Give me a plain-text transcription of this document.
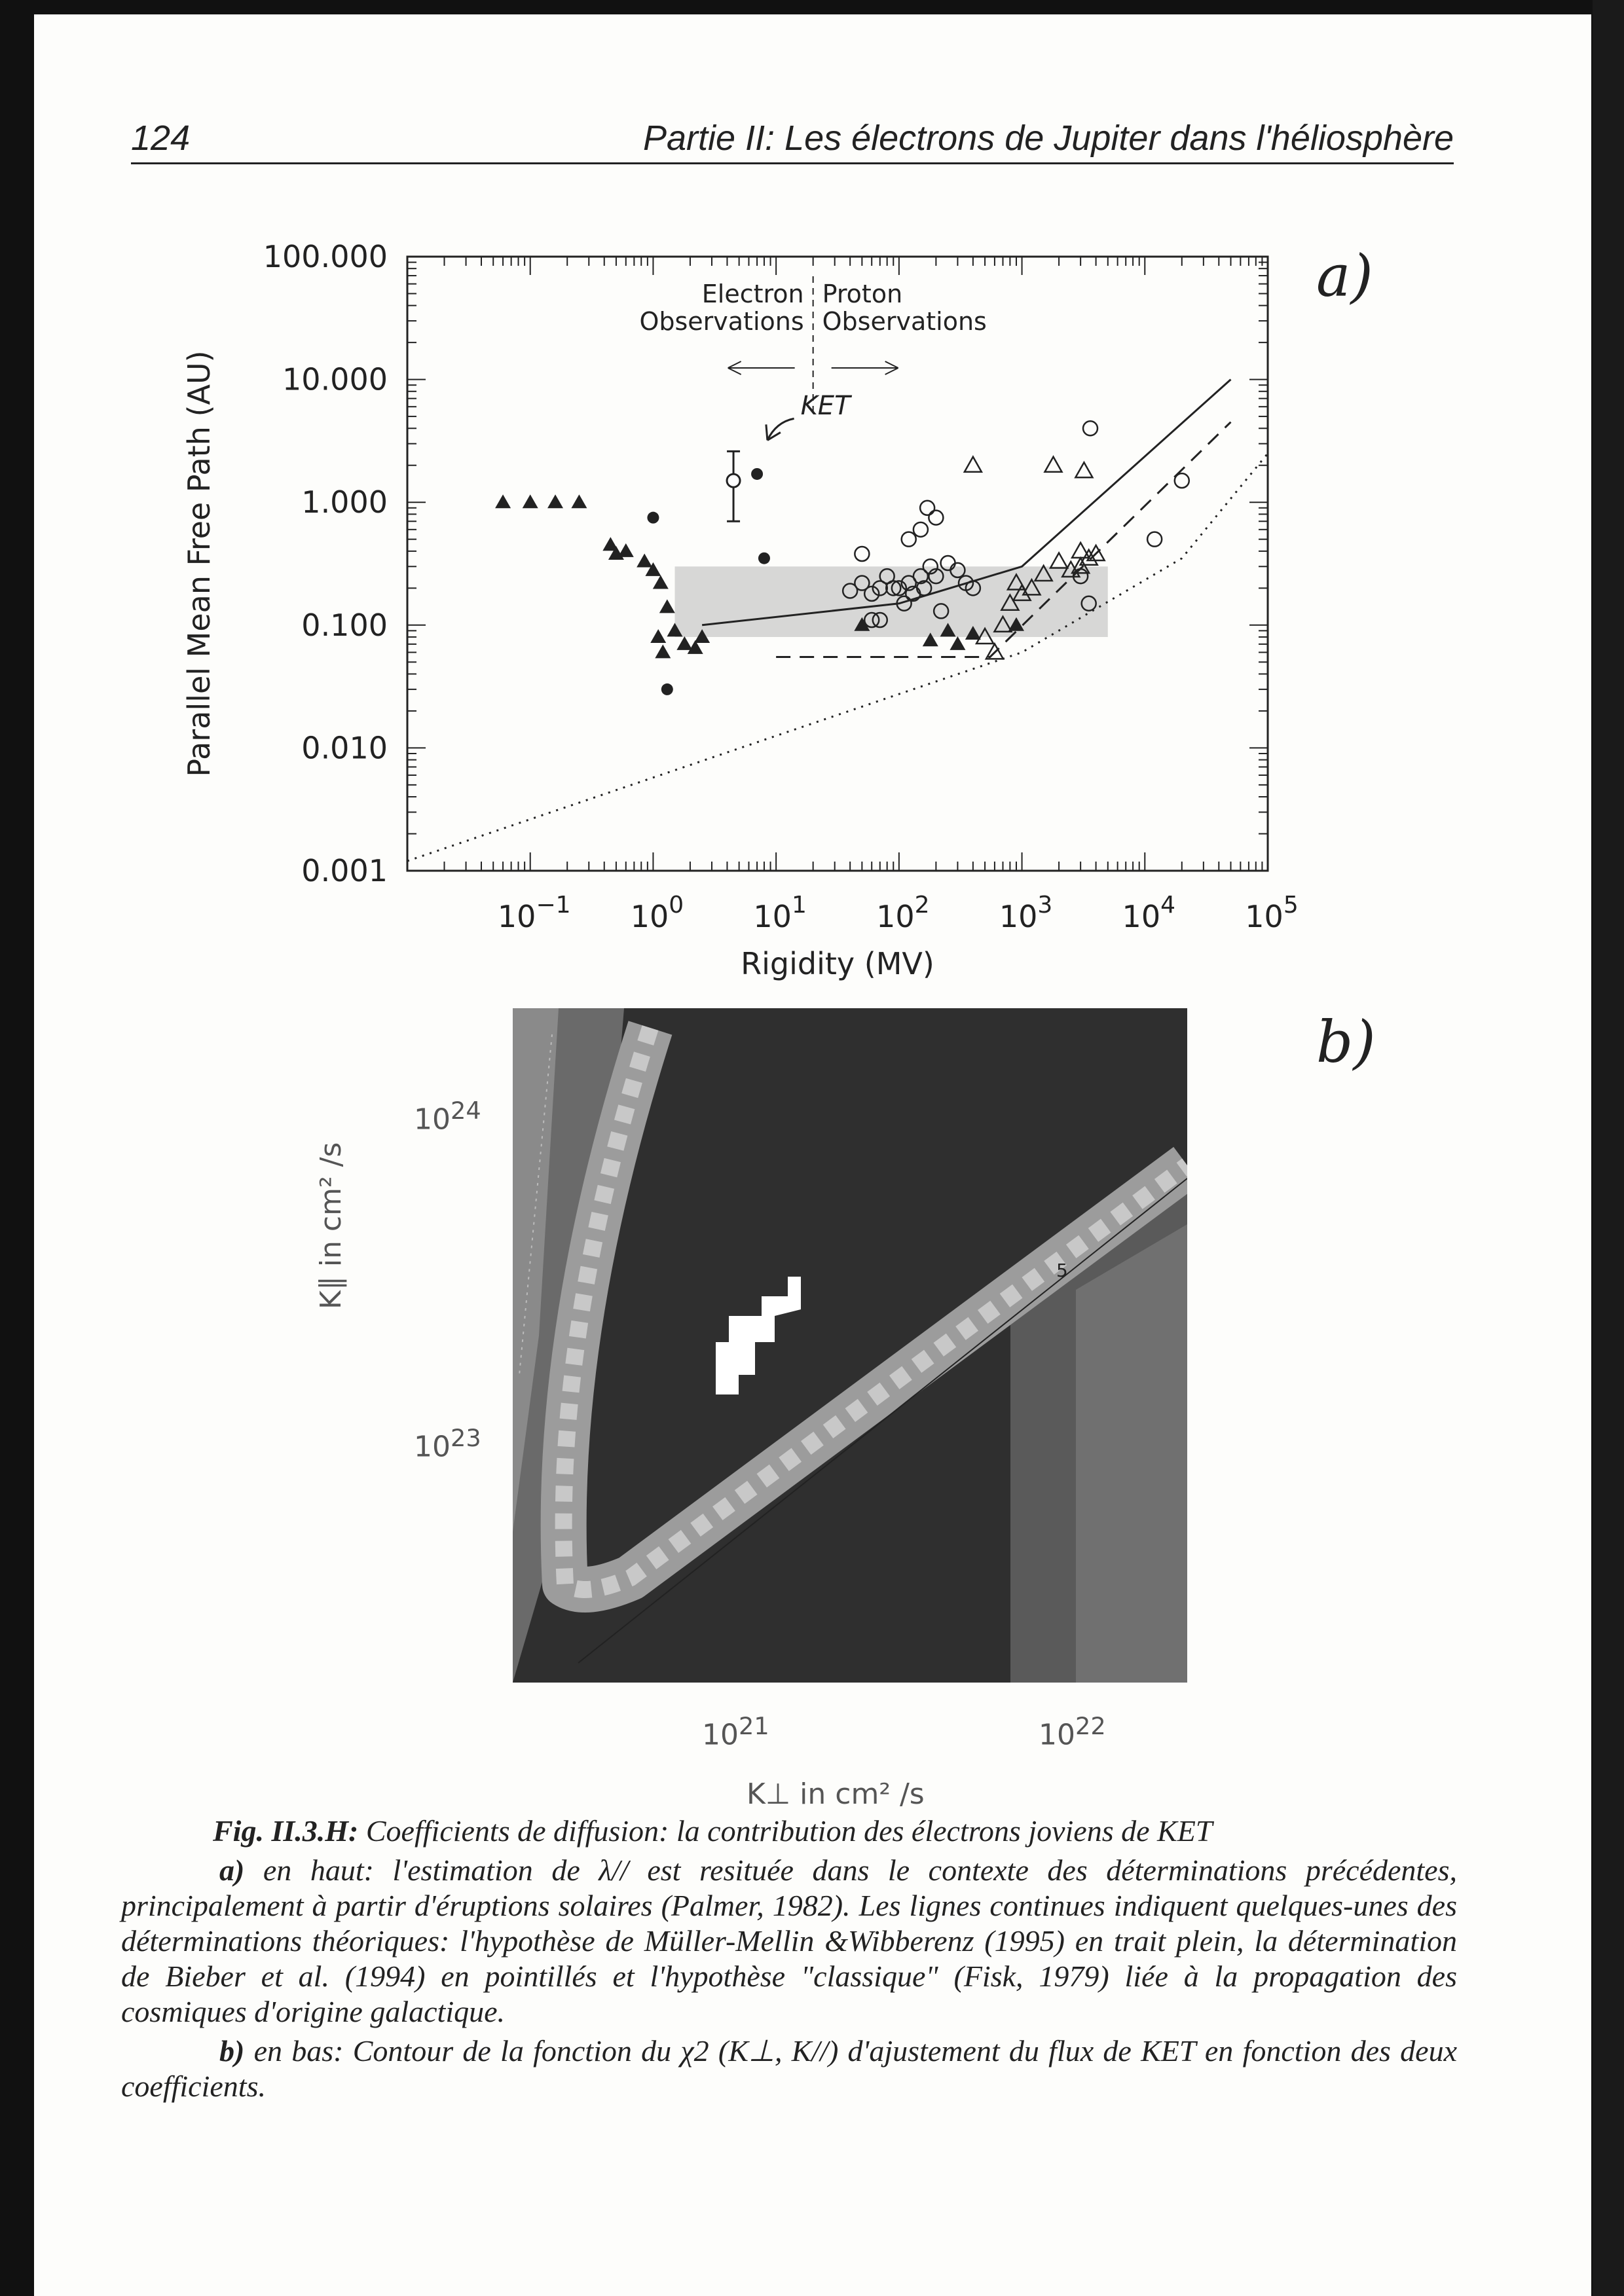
124	Partie II: Les électrons de Jupiter dans l'héliosphère
a)
b)
100.000
10.000
1.000
0.100
0.010
0.001
$10^{-1}$ $10^0$ $10^1$ $10^2$ $10^3$ $10^4$ $10^5$
Rigidity (MV)
Parallel Mean Free Path (AU)
Electron
Observations
Proton
Observations
KET
5
$10^{24}$
$10^{23}$
$10^{21}$	$10^{22}$
K⊥ in cm² /s
K∥ in cm² /s

Fig. II.3.H: Coefficients de diffusion: la contribution des électrons joviens de KET

a) en haut: l'estimation de λ// est resituée dans le contexte des déterminations précédentes, principalement à partir d'éruptions solaires (Palmer, 1982). Les lignes continues indiquent quelques-unes des déterminations théoriques: l'hypothèse de Müller-Mellin &Wibberenz (1995) en trait plein, la détermination de Bieber et al. (1994) en pointillés et l'hypothèse "classique" (Fisk, 1979) liée à la propagation des cosmiques d'origine galactique.

b) en bas: Contour de la fonction du χ2 (K⊥, K//) d'ajustement du flux de KET en fonction des deux coefficients.
